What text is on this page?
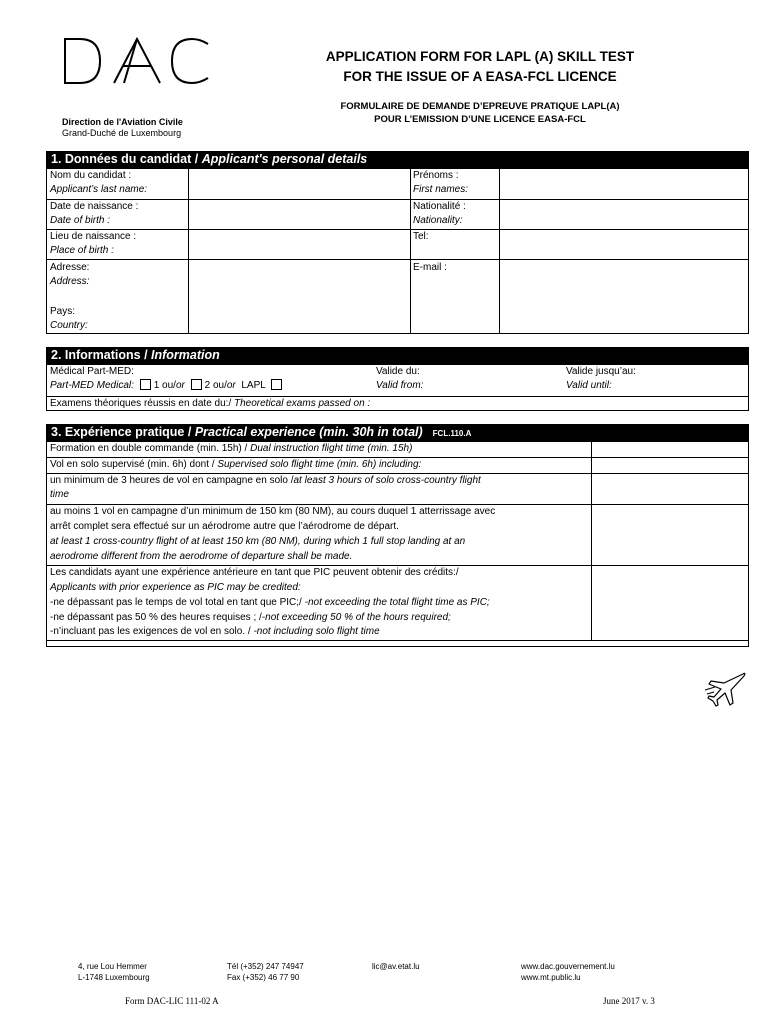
Direction de l'Aviation Civile
Grand-Duché de Luxembourg
APPLICATION FORM FOR LAPL (A) SKILL TEST
FOR THE ISSUE OF A EASA-FCL LICENCE
FORMULAIRE DE DEMANDE D’EPREUVE PRATIQUE LAPL(A)
POUR L’EMISSION D’UNE LICENCE EASA-FCL
1. Données du candidat / Applicant's personal details
Nom du candidat :
Applicant’s last name:
Prénoms :
First names:
Date de naissance :
Date of birth :
Nationalité :
Nationality:
Lieu de naissance :
Place of birth :
Tel:
Adresse:
Address:
Pays:
Country:
E-mail :
2. Informations / Information
Médical Part-MED:
Part-MED Medical: 1 ou/or 2 ou/or LAPL
Valide du:
Valid from:
Valide jusqu’au:
Valid until:
Examens théoriques réussis en date du:/ Theoretical exams passed on :
3. Expérience pratique / Practical experience (min. 30h in total) FCL.110.A
Formation en double commande (min. 15h) / Dual instruction flight time (min. 15h)
Vol en solo supervisé (min. 6h) dont / Supervised solo flight time (min. 6h) including:
un minimum de 3 heures de vol en campagne en solo /at least 3 hours of solo cross-country flight
time
au moins 1 vol en campagne d’un minimum de 150 km (80 NM), au cours duquel 1 atterrissage avec
arrêt complet sera effectué sur un aérodrome autre que l’aérodrome de départ.
at least 1 cross-country flight of at least 150 km (80 NM), during which 1 full stop landing at an
aerodrome different from the aerodrome of departure shall be made.
Les candidats ayant une expérience antérieure en tant que PIC peuvent obtenir des crédits:/
Applicants with prior experience as PIC may be credited:
-ne dépassant pas le temps de vol total en tant que PIC;/ -not exceeding the total flight time as PIC;
-ne dépassant pas 50 % des heures requises ; /-not exceeding 50 % of the hours required;
-n’incluant pas les exigences de vol en solo. / -not including solo flight time
4, rue Lou Hemmer
L-1748 Luxembourg
Tél (+352) 247 74947
Fax (+352) 46 77 90
lic@av.etat.lu	www.dac.gouvernement.lu
www.mt.public.lu
Form DAC-LIC 111-02 A	June 2017 v. 3
